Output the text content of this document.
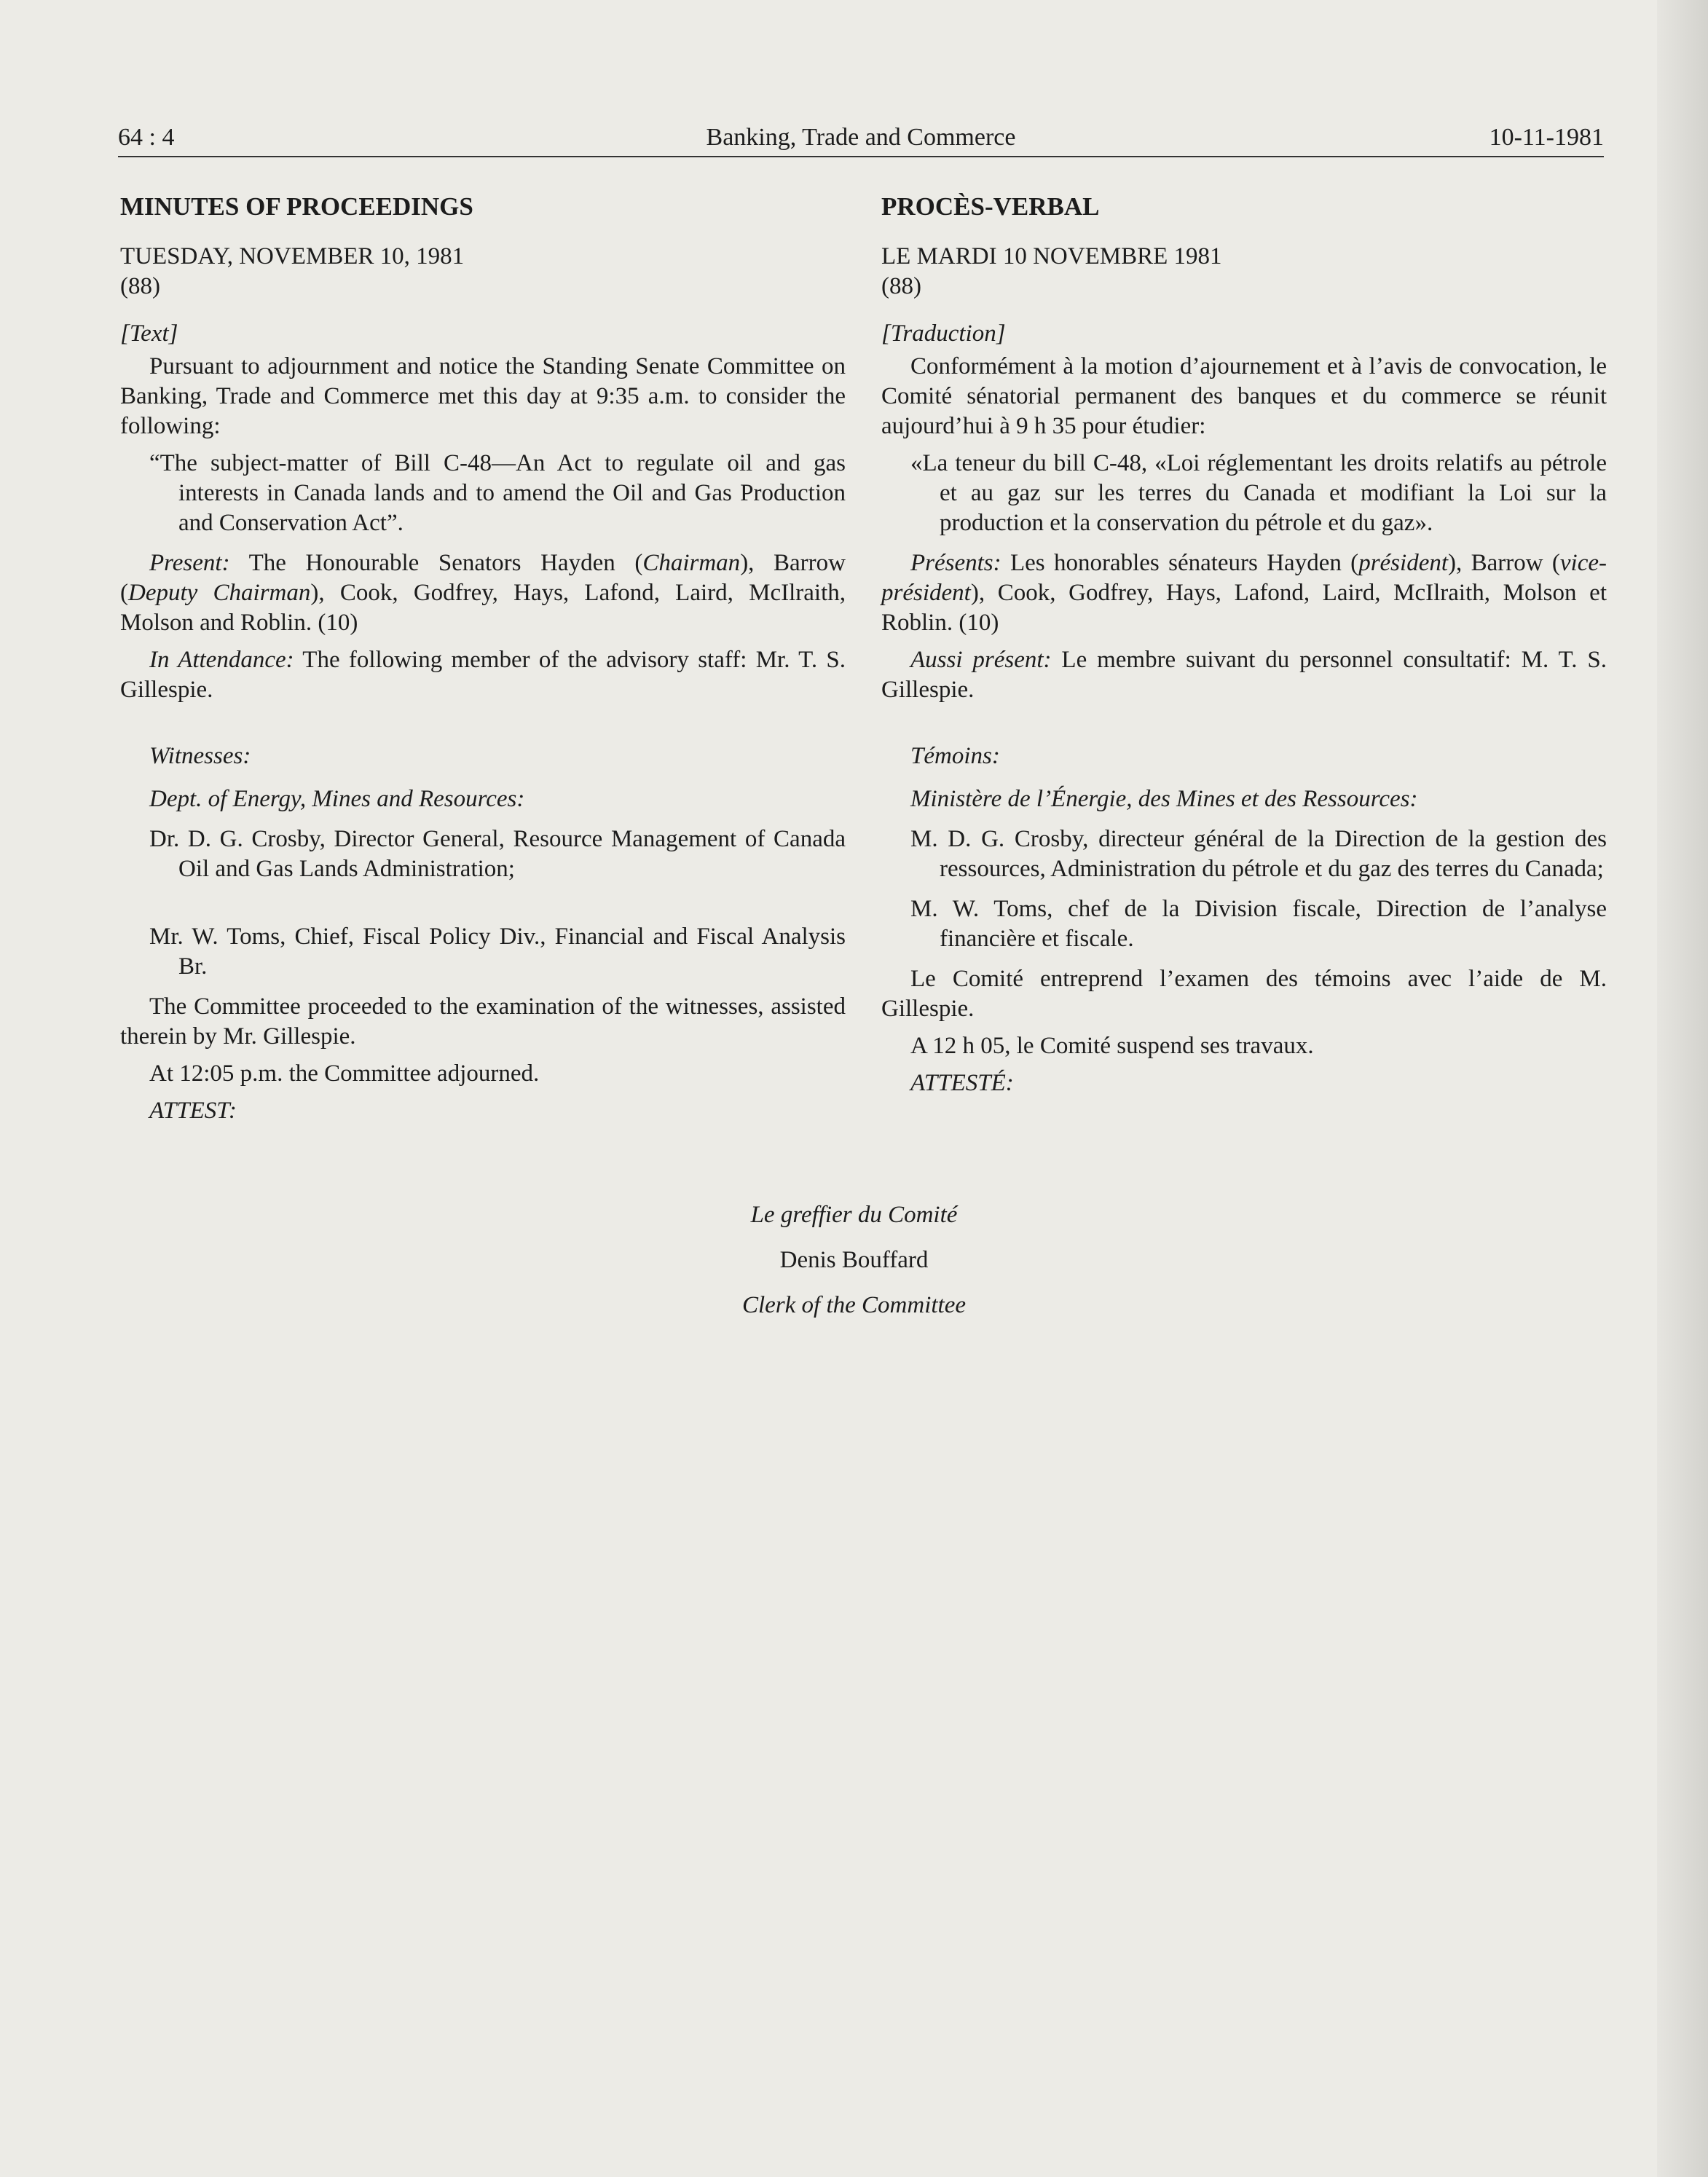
64 : 4	Banking, Trade and Commerce	10-11-1981
MINUTES OF PROCEEDINGS
TUESDAY, NOVEMBER 10, 1981
(88)
[Text]

Pursuant to adjournment and notice the Standing Senate Committee on Banking, Trade and Commerce met this day at 9:35 a.m. to consider the following:

“The subject-matter of Bill C-48—An Act to regulate oil and gas interests in Canada lands and to amend the Oil and Gas Production and Conservation Act”.

Present: The Honourable Senators Hayden (Chairman), Barrow (Deputy Chairman), Cook, Godfrey, Hays, Lafond, Laird, McIlraith, Molson and Roblin. (10)

In Attendance: The following member of the advisory staff: Mr. T. S. Gillespie.

Witnesses:

Dept. of Energy, Mines and Resources:

Dr. D. G. Crosby, Director General, Resource Management of Canada Oil and Gas Lands Administration;
Mr. W. Toms, Chief, Fiscal Policy Div., Financial and Fiscal Analysis Br.

The Committee proceeded to the examination of the witnesses, assisted therein by Mr. Gillespie.

At 12:05 p.m. the Committee adjourned.

ATTEST:

PROCÈS-VERBAL
LE MARDI 10 NOVEMBRE 1981
(88)
[Traduction]

Conformément à la motion d’ajournement et à l’avis de convocation, le Comité sénatorial permanent des banques et du commerce se réunit aujourd’hui à 9 h 35 pour étudier:

«La teneur du bill C-48, «Loi réglementant les droits relatifs au pétrole et au gaz sur les terres du Canada et modifiant la Loi sur la production et la conservation du pétrole et du gaz».

Présents: Les honorables sénateurs Hayden (président), Barrow (vice-président), Cook, Godfrey, Hays, Lafond, Laird, McIlraith, Molson et Roblin. (10)

Aussi présent: Le membre suivant du personnel consultatif: M. T. S. Gillespie.

Témoins:

Ministère de l’Énergie, des Mines et des Ressources:

M. D. G. Crosby, directeur général de la Direction de la gestion des ressources, Administration du pétrole et du gaz des terres du Canada;
M. W. Toms, chef de la Division fiscale, Direction de l’analyse financière et fiscale.

Le Comité entreprend l’examen des témoins avec l’aide de M. Gillespie.

A 12 h 05, le Comité suspend ses travaux.

ATTESTÉ:

Le greffier du Comité
Denis Bouffard
Clerk of the Committee
